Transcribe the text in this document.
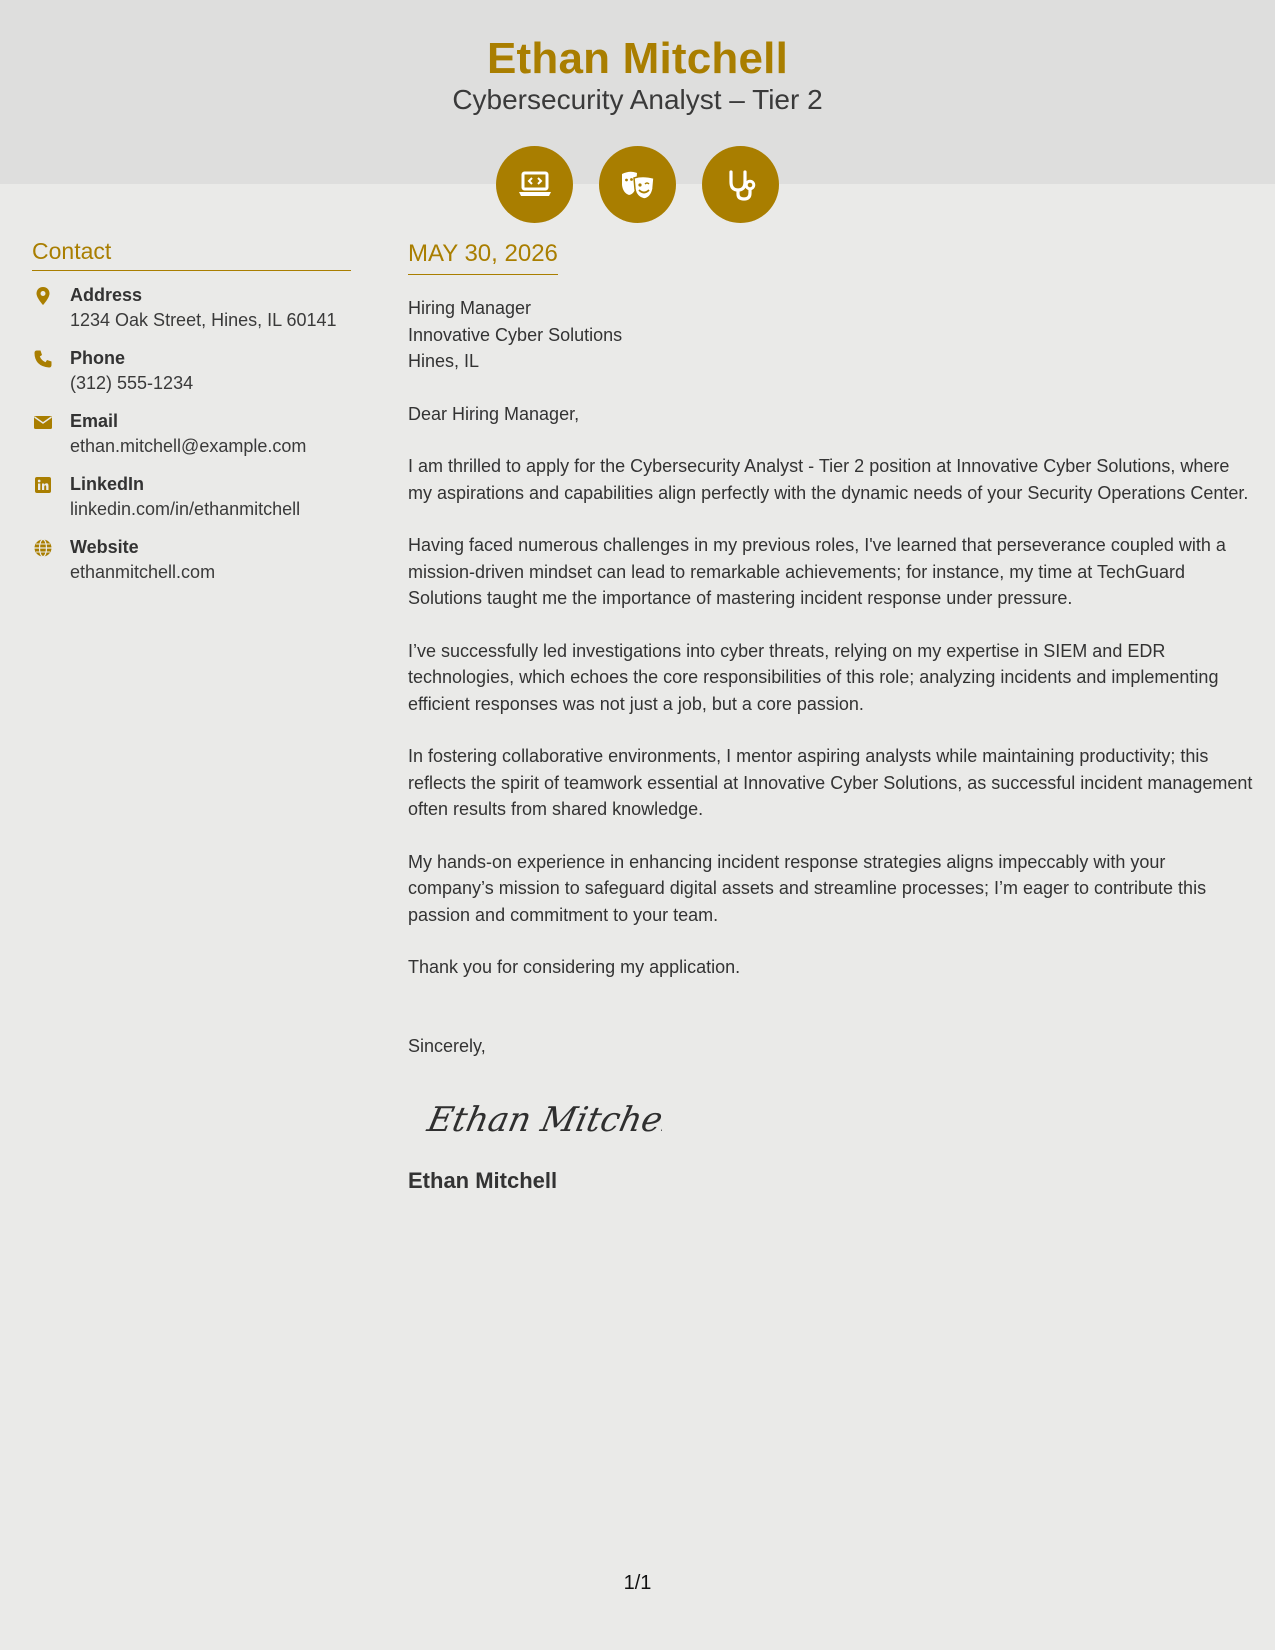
Ethan Mitchell
Cybersecurity Analyst – Tier 2
Contact
Address
1234 Oak Street, Hines, IL 60141
Phone
(312) 555-1234
Email
ethan.mitchell@example.com
LinkedIn
linkedin.com/in/ethanmitchell
Website
ethanmitchell.com
MAY 30, 2026
Hiring Manager
Innovative Cyber Solutions
Hines, IL

Dear Hiring Manager,

I am thrilled to apply for the Cybersecurity Analyst - Tier 2 position at Innovative Cyber Solutions, where my aspirations and capabilities align perfectly with the dynamic needs of your Security Operations Center.

Having faced numerous challenges in my previous roles, I've learned that perseverance coupled with a mission-driven mindset can lead to remarkable achievements; for instance, my time at TechGuard Solutions taught me the importance of mastering incident response under pressure.

I’ve successfully led investigations into cyber threats, relying on my expertise in SIEM and EDR technologies, which echoes the core responsibilities of this role; analyzing incidents and implementing efficient responses was not just a job, but a core passion.

In fostering collaborative environments, I mentor aspiring analysts while maintaining productivity; this reflects the spirit of teamwork essential at Innovative Cyber Solutions, as successful incident management often results from shared knowledge.

My hands-on experience in enhancing incident response strategies aligns impeccably with your company’s mission to safeguard digital assets and streamline processes; I’m eager to contribute this passion and commitment to your team.

Thank you for considering my application.

Sincerely,

Ethan Mitchell
Ethan Mitchell
1/1
